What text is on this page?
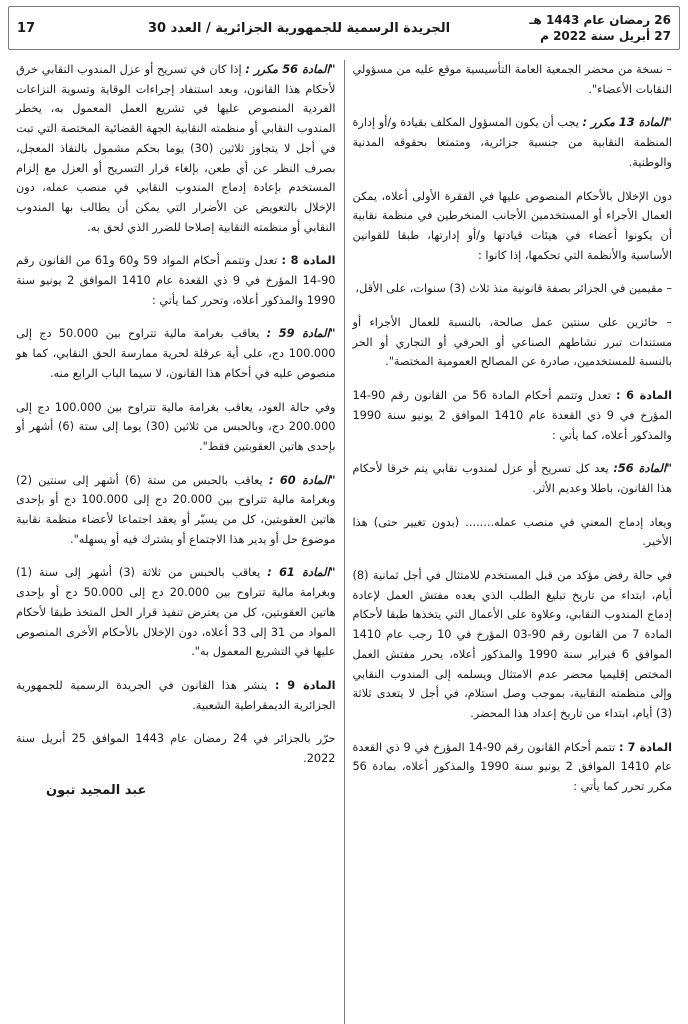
26 رمضان عام 1443 هـ
27 أبريل سنة 2022 م
الجريدة الرسمية للجمهورية الجزائرية / العدد 30
17

– نسخة من محضر الجمعية العامة التأسيسية موقع عليه من مسؤولي النقابات الأعضاء".

"المادة 13 مكرر : يجب أن يكون المسؤول المكلف بقيادة و/أو إدارة المنظمة النقابية من جنسية جزائرية، ومتمتعا بحقوقه المدنية والوطنية.

دون الإخلال بالأحكام المنصوص عليها في الفقرة الأولى أعلاه، يمكن العمال الأجراء أو المستخدمين الأجانب المنخرطين في منظمة نقابية أن يكونوا أعضاء في هيئات قيادتها و/أو إدارتها، طبقا للقوانين الأساسية والأنظمة التي تحكمها، إذا كانوا :

– مقيمين في الجزائر بصفة قانونية منذ ثلاث (3) سنوات، على الأقل،

– حائزين على سنتين عمل صالحة، بالنسبة للعمال الأجراء أو مستندات تبرر نشاطهم الصناعي أو الحرفي أو التجاري أو الحر بالنسبة للمستخدمين، صادرة عن المصالح العمومية المختصة".

المادة 6 : تعدل وتتمم أحكام المادة 56 من القانون رقم 90-14 المؤرخ في 9 ذي القعدة عام 1410 الموافق 2 يونيو سنة 1990 والمذكور أعلاه، كما يأتي :

"المادة 56: يعد كل تسريح أو عزل لمندوب نقابي يتم خرقا لأحكام هذا القانون، باطلا وعديم الأثر.

ويعاد إدماج المعني في منصب عمله........ (بدون تغيير حتى) هذا الأخير.

في حالة رفض مؤكد من قبل المستخدم للامتثال في أجل ثمانية (8) أيام، ابتداء من تاريخ تبليغ الطلب الذي يعده مفتش العمل لإعادة إدماج المندوب النقابي، وعلاوة على الأعمال التي يتخذها طبقا لأحكام المادة 7 من القانون رقم 90-03 المؤرخ في 10 رجب عام 1410 الموافق 6 فبراير سنة 1990 والمذكور أعلاه، يحرر مفتش العمل المختص إقليميا محضر عدم الامتثال ويسلمه إلى المندوب النقابي وإلى منظمته النقابية، بموجب وصل استلام، في أجل لا يتعدى ثلاثة (3) أيام، ابتداء من تاريخ إعداد هذا المحضر.

المادة 7 : تتمم أحكام القانون رقم 90-14 المؤرخ في 9 ذي القعدة عام 1410 الموافق 2 يونيو سنة 1990 والمذكور أعلاه، بمادة 56 مكرر تحرر كما يأتي :

"المادة 56 مكرر : إذا كان في تسريح أو عزل المندوب النقابي خرق لأحكام هذا القانون، وبعد استنفاد إجراءات الوقاية وتسوية النزاعات الفردية المنصوص عليها في تشريع العمل المعمول به، يخطر المندوب النقابي أو منظمته النقابية الجهة القضائية المختصة التي تبت في أجل لا يتجاوز ثلاثين (30) يوما بحكم مشمول بالنفاذ المعجل، بصرف النظر عن أي طعن، بإلغاء قرار التسريح أو العزل مع إلزام المستخدم بإعادة إدماج المندوب النقابي في منصب عمله، دون الإخلال بالتعويض عن الأضرار التي يمكن أن يطالب بها المندوب النقابي أو منظمته النقابية إصلاحا للضرر الذي لحق به.

المادة 8 : تعدل وتتمم أحكام المواد 59 و60 و61 من القانون رقم 90-14 المؤرخ في 9 ذي القعدة عام 1410 الموافق 2 يونيو سنة 1990 والمذكور أعلاه، وتحرر كما يأتي :

"المادة 59 : يعاقب بغرامة مالية تتراوح بين 50.000 دج إلى 100.000 دج، على أية عرقلة لحرية ممارسة الحق النقابي، كما هو منصوص عليه في أحكام هذا القانون، لا سيما الباب الرابع منه.

وفي حالة العود، يعاقب بغرامة مالية تتراوح بين 100.000 دج إلى 200.000 دج، وبالحبس من ثلاثين (30) يوما إلى ستة (6) أشهر أو بإحدى هاتين العقوبتين فقط".

"المادة 60 : يعاقب بالحبس من ستة (6) أشهر إلى سنتين (2) وبغرامة مالية تتراوح بين 20.000 دج إلى 100.000 دج أو بإحدى هاتين العقوبتين، كل من يسيّر أو يعقد اجتماعا لأعضاء منظمة نقابية موضوع حل أو يدير هذا الاجتماع أو يشترك فيه أو يسهله".

"المادة 61 : يعاقب بالحبس من ثلاثة (3) أشهر إلى سنة (1) وبغرامة مالية تتراوح بين 20.000 دج إلى 50.000 دج أو بإحدى هاتين العقوبتين، كل من يعترض تنفيذ قرار الحل المتخذ طبقا لأحكام المواد من 31 إلى 33 أعلاه، دون الإخلال بالأحكام الأخرى المنصوص عليها في التشريع المعمول به".

المادة 9 : ينشر هذا القانون في الجريدة الرسمية للجمهورية الجزائرية الديمقراطية الشعبية.

حرّر بالجزائر في 24 رمضان عام 1443 الموافق 25 أبريل سنة 2022.

عبد المجيد تبون
